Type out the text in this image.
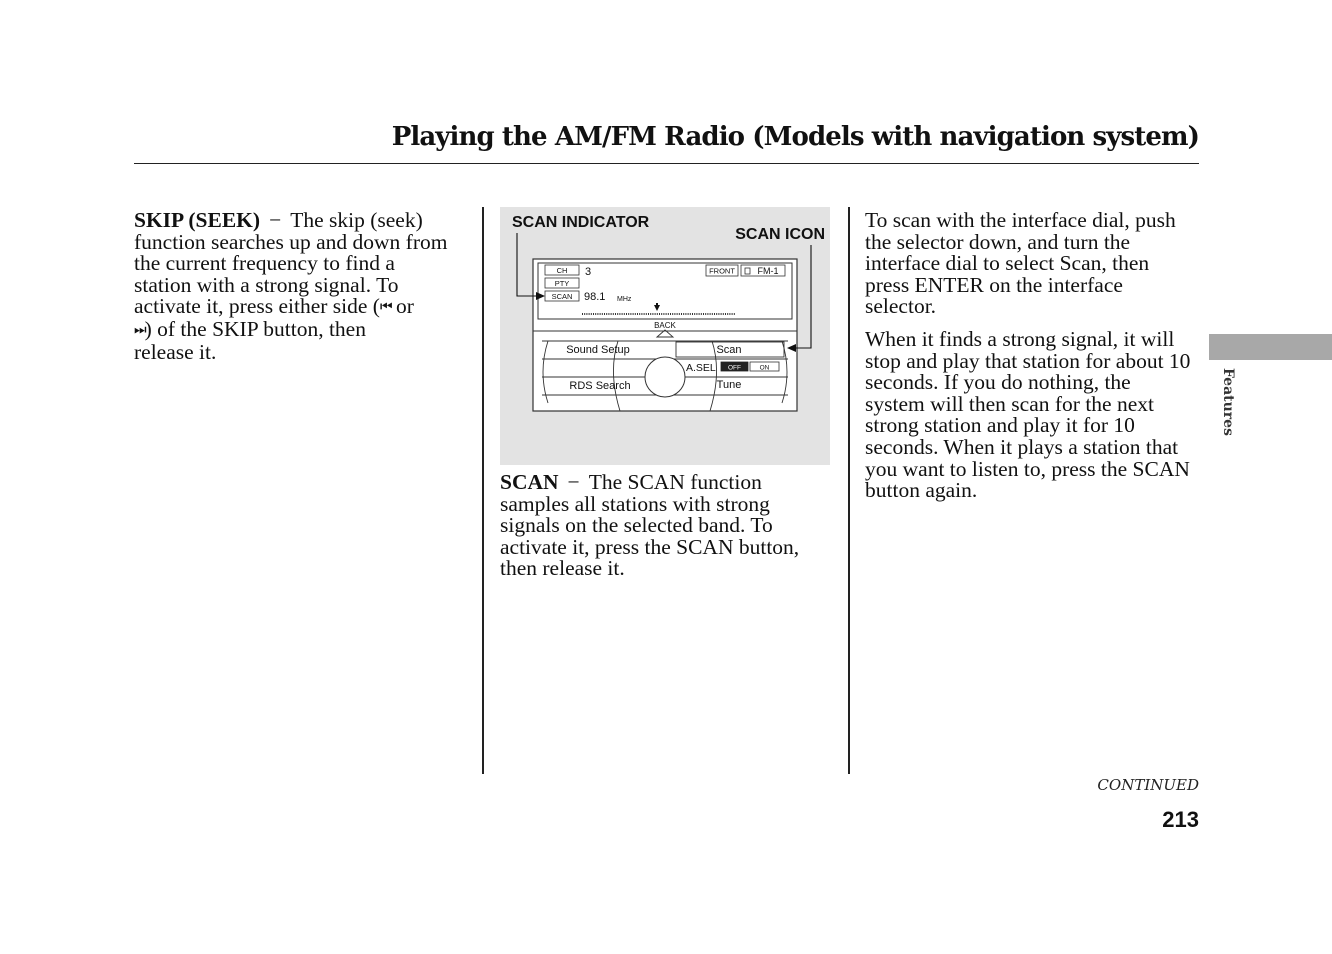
Playing the AM/FM Radio (Models with navigation system)
SKIP (SEEK) − The skip (seek)
function searches up and down from
the current frequency to find a
station with a strong signal. To
activate it, press either side (⏮ or
⏭) of the SKIP button, then
release it.
SCAN INDICATOR
SCAN ICON
CH
PTY
SCAN
3
98.1 MHz
FRONT	FM-1
BACK
Sound Setup	Scan
RDS Search	Tune
A.SEL OFF	ON
SCAN − The SCAN function
samples all stations with strong
signals on the selected band. To
activate it, press the SCAN button,
then release it.
To scan with the interface dial, push
the selector down, and turn the
interface dial to select Scan, then
press ENTER on the interface
selector.
When it finds a strong signal, it will
stop and play that station for about 10
seconds. If you do nothing, the
system will then scan for the next
strong station and play it for 10
seconds. When it plays a station that
you want to listen to, press the SCAN
button again.
Features
CONTINUED
213
